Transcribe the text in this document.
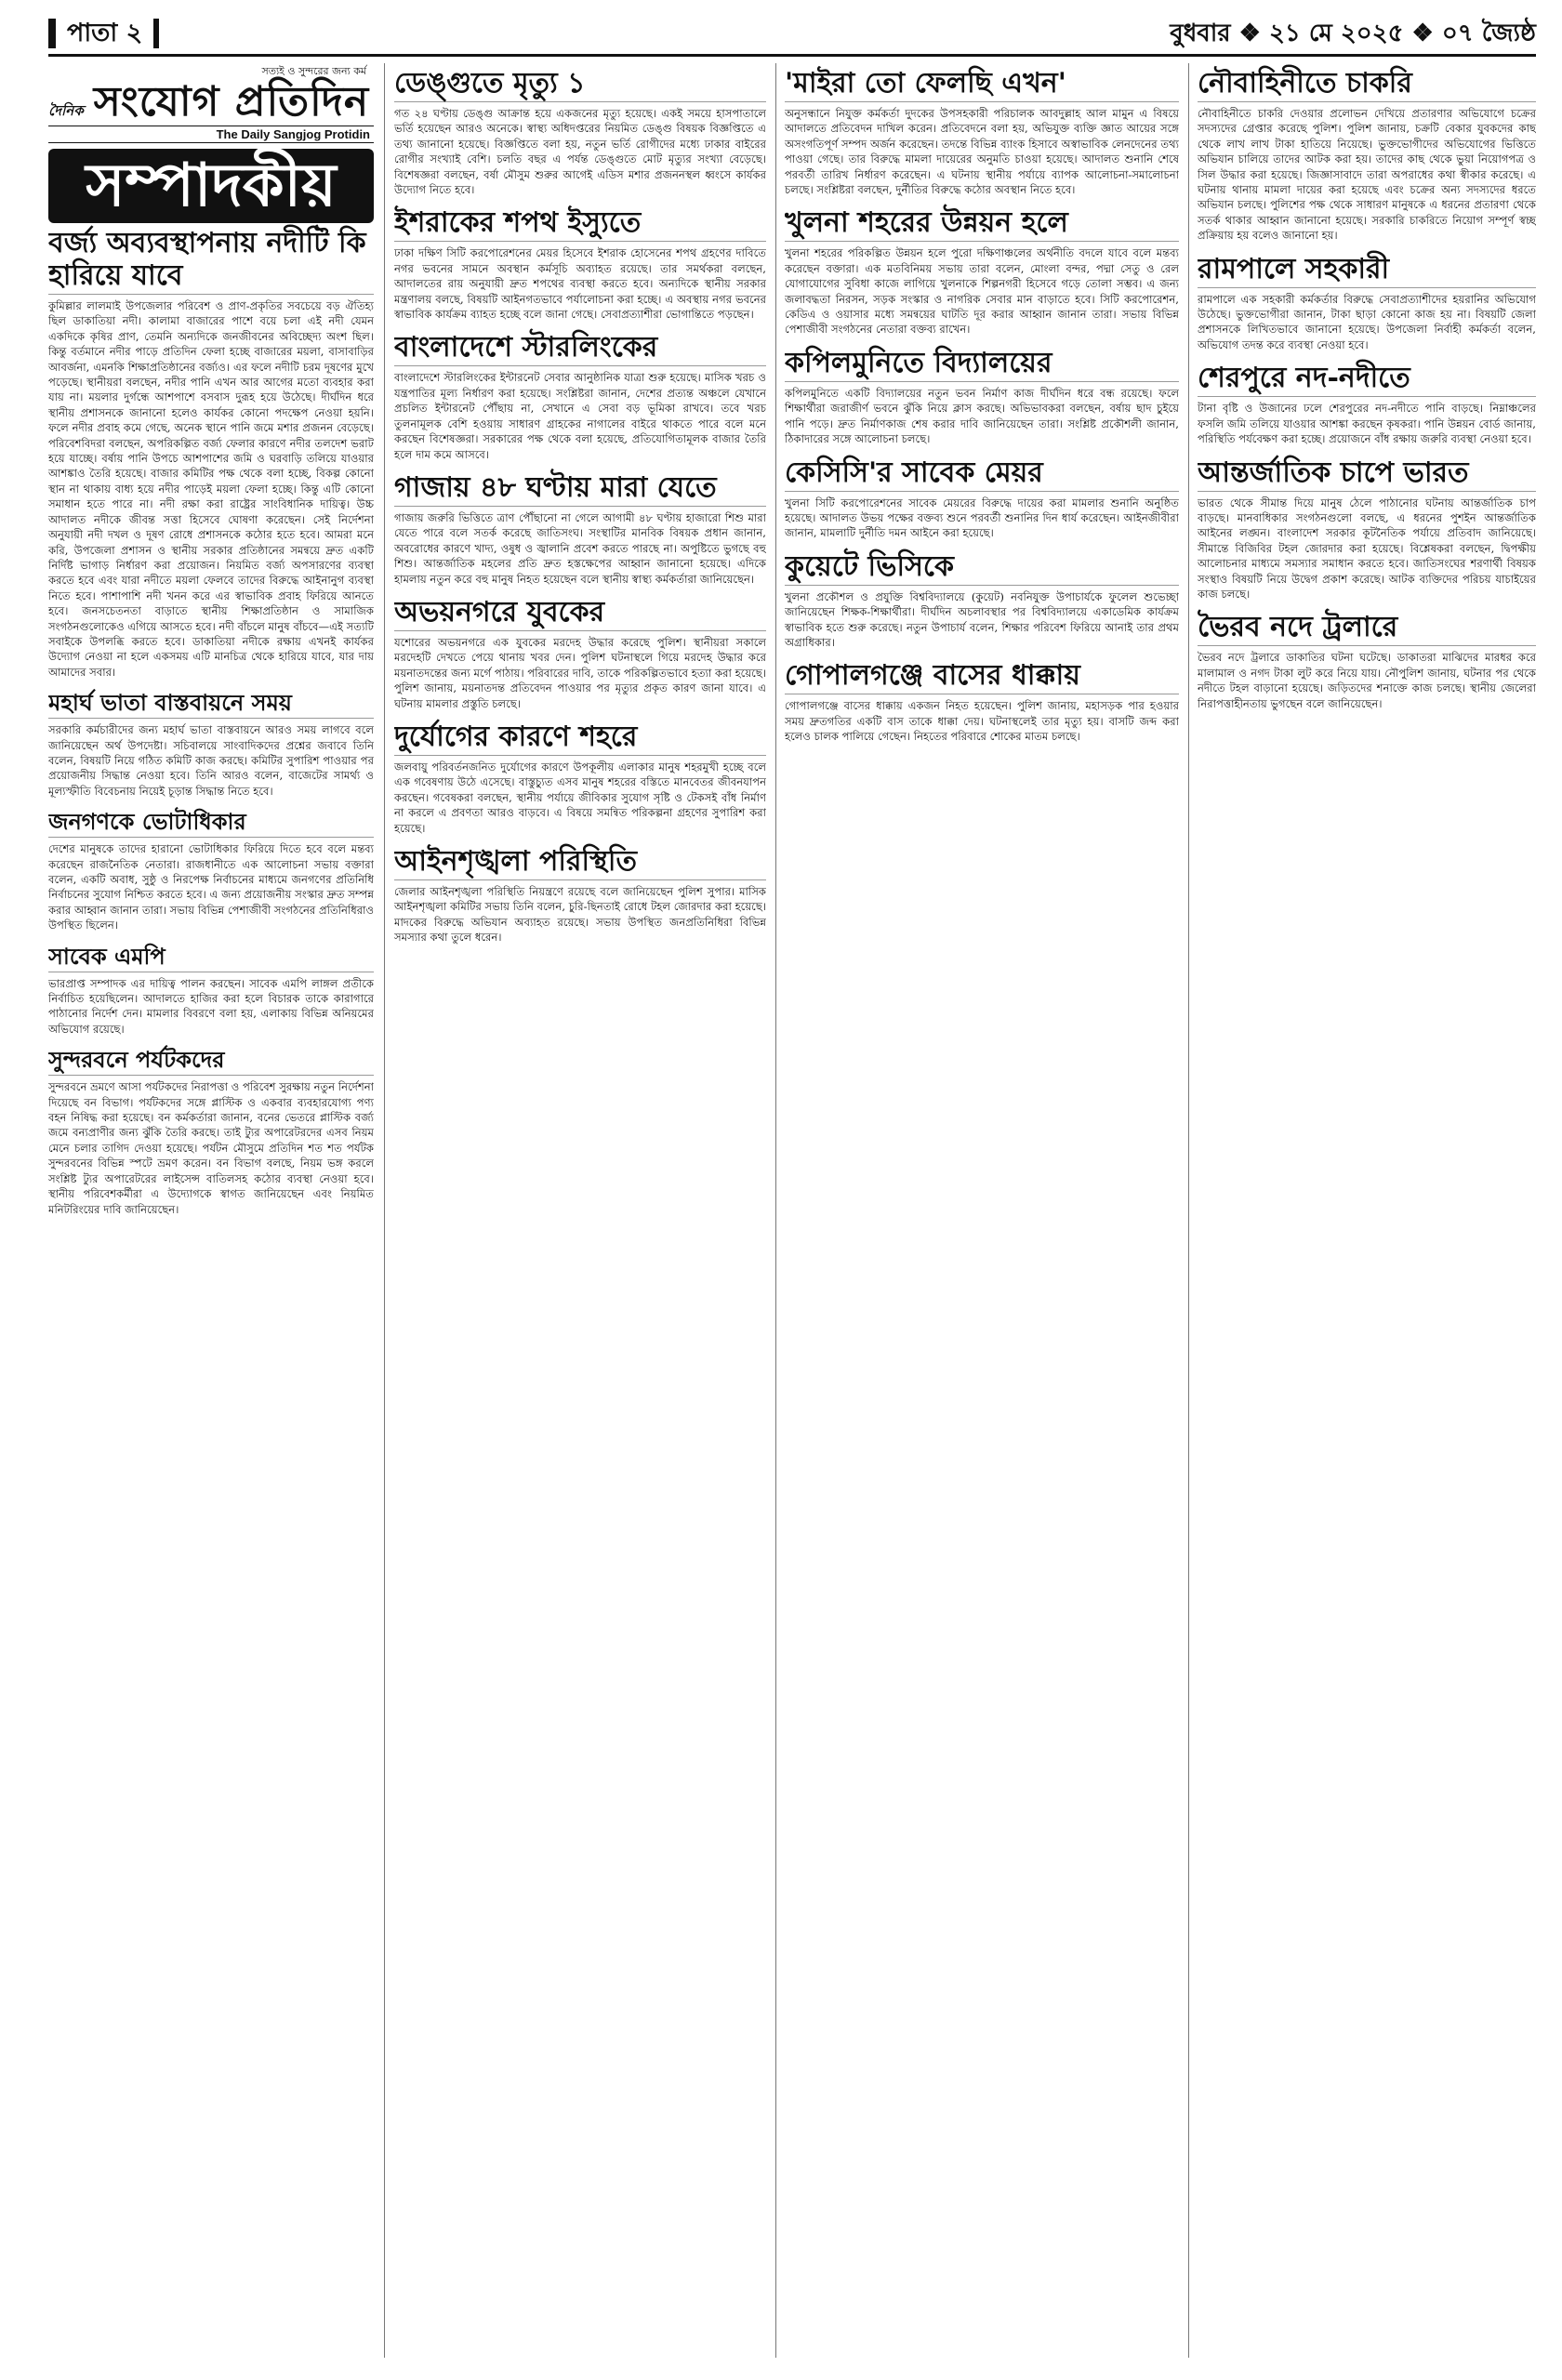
পাতা ২	বুধবার ❖ ২১ মে ২০২৫ ❖ ০৭ জ্যৈষ্ঠ
সত্যই ও সুন্দরের জন্য কর্ম
দৈনিক সংযোগ প্রতিদিন
The Daily Sangjog Protidin
সম্পাদকীয়
বর্জ্য অব্যবস্থাপনায় নদীটি কি হারিয়ে যাবে
কুমিল্লার লালমাই উপজেলার পরিবেশ ও প্রাণ-প্রকৃতির সবচেয়ে বড় ঐতিহ্য ছিল ডাকাতিয়া নদী। কালামা বাজারের পাশে বয়ে চলা এই নদী যেমন একদিকে কৃষির প্রাণ, তেমনি অন্যদিকে জনজীবনের অবিচ্ছেদ্য অংশ ছিল। কিন্তু বর্তমানে নদীর পাড়ে প্রতিদিন ফেলা হচ্ছে বাজারের ময়লা, বাসাবাড়ির আবর্জনা, এমনকি শিক্ষাপ্রতিষ্ঠানের বর্জ্যও। এর ফলে নদীটি চরম দূষণের মুখে পড়েছে। স্থানীয়রা বলছেন, নদীর পানি এখন আর আগের মতো ব্যবহার করা যায় না। ময়লার দুর্গন্ধে আশপাশে বসবাস দুরূহ হয়ে উঠেছে। দীর্ঘদিন ধরে স্থানীয় প্রশাসনকে জানানো হলেও কার্যকর কোনো পদক্ষেপ নেওয়া হয়নি। ফলে নদীর প্রবাহ কমে গেছে, অনেক স্থানে পানি জমে মশার প্রজনন বেড়েছে। পরিবেশবিদরা বলছেন, অপরিকল্পিত বর্জ্য ফেলার কারণে নদীর তলদেশ ভরাট হয়ে যাচ্ছে। বর্ষায় পানি উপচে আশপাশের জমি ও ঘরবাড়ি তলিয়ে যাওয়ার আশঙ্কাও তৈরি হয়েছে। বাজার কমিটির পক্ষ থেকে বলা হচ্ছে, বিকল্প কোনো স্থান না থাকায় বাধ্য হয়ে নদীর পাড়েই ময়লা ফেলা হচ্ছে। কিন্তু এটি কোনো সমাধান হতে পারে না। নদী রক্ষা করা রাষ্ট্রের সাংবিধানিক দায়িত্ব। উচ্চ আদালত নদীকে জীবন্ত সত্তা হিসেবে ঘোষণা করেছেন। সেই নির্দেশনা অনুযায়ী নদী দখল ও দূষণ রোধে প্রশাসনকে কঠোর হতে হবে। আমরা মনে করি, উপজেলা প্রশাসন ও স্থানীয় সরকার প্রতিষ্ঠানের সমন্বয়ে দ্রুত একটি নির্দিষ্ট ভাগাড় নির্ধারণ করা প্রয়োজন। নিয়মিত বর্জ্য অপসারণের ব্যবস্থা করতে হবে এবং যারা নদীতে ময়লা ফেলবে তাদের বিরুদ্ধে আইনানুগ ব্যবস্থা নিতে হবে। পাশাপাশি নদী খনন করে এর স্বাভাবিক প্রবাহ ফিরিয়ে আনতে হবে। জনসচেতনতা বাড়াতে স্থানীয় শিক্ষাপ্রতিষ্ঠান ও সামাজিক সংগঠনগুলোকেও এগিয়ে আসতে হবে। নদী বাঁচলে মানুষ বাঁচবে—এই সত্যটি সবাইকে উপলব্ধি করতে হবে। ডাকাতিয়া নদীকে রক্ষায় এখনই কার্যকর উদ্যোগ নেওয়া না হলে একসময় এটি মানচিত্র থেকে হারিয়ে যাবে, যার দায় আমাদের সবার।
মহার্ঘ ভাতা বাস্তবায়নে সময়
সরকারি কর্মচারীদের জন্য মহার্ঘ ভাতা বাস্তবায়নে আরও সময় লাগবে বলে জানিয়েছেন অর্থ উপদেষ্টা। সচিবালয়ে সাংবাদিকদের প্রশ্নের জবাবে তিনি বলেন, বিষয়টি নিয়ে গঠিত কমিটি কাজ করছে। কমিটির সুপারিশ পাওয়ার পর প্রয়োজনীয় সিদ্ধান্ত নেওয়া হবে। তিনি আরও বলেন, বাজেটের সামর্থ্য ও মূল্যস্ফীতি বিবেচনায় নিয়েই চূড়ান্ত সিদ্ধান্ত নিতে হবে।
জনগণকে ভোটাধিকার
দেশের মানুষকে তাদের হারানো ভোটাধিকার ফিরিয়ে দিতে হবে বলে মন্তব্য করেছেন রাজনৈতিক নেতারা। রাজধানীতে এক আলোচনা সভায় বক্তারা বলেন, একটি অবাধ, সুষ্ঠু ও নিরপেক্ষ নির্বাচনের মাধ্যমে জনগণের প্রতিনিধি নির্বাচনের সুযোগ নিশ্চিত করতে হবে। এ জন্য প্রয়োজনীয় সংস্কার দ্রুত সম্পন্ন করার আহ্বান জানান তারা। সভায় বিভিন্ন পেশাজীবী সংগঠনের প্রতিনিধিরাও উপস্থিত ছিলেন।
সাবেক এমপি
ভারপ্রাপ্ত সম্পাদক এর দায়িত্ব পালন করছেন। সাবেক এমপি লাঙ্গল প্রতীকে নির্বাচিত হয়েছিলেন। আদালতে হাজির করা হলে বিচারক তাকে কারাগারে পাঠানোর নির্দেশ দেন। মামলার বিবরণে বলা হয়, এলাকায় বিভিন্ন অনিয়মের অভিযোগ রয়েছে।
সুন্দরবনে পর্যটকদের
সুন্দরবনে ভ্রমণে আসা পর্যটকদের নিরাপত্তা ও পরিবেশ সুরক্ষায় নতুন নির্দেশনা দিয়েছে বন বিভাগ। পর্যটকদের সঙ্গে প্লাস্টিক ও একবার ব্যবহারযোগ্য পণ্য বহন নিষিদ্ধ করা হয়েছে। বন কর্মকর্তারা জানান, বনের ভেতরে প্লাস্টিক বর্জ্য জমে বন্যপ্রাণীর জন্য ঝুঁকি তৈরি করছে। তাই ট্যুর অপারেটরদের এসব নিয়ম মেনে চলার তাগিদ দেওয়া হয়েছে। পর্যটন মৌসুমে প্রতিদিন শত শত পর্যটক সুন্দরবনের বিভিন্ন স্পটে ভ্রমণ করেন। বন বিভাগ বলছে, নিয়ম ভঙ্গ করলে সংশ্লিষ্ট ট্যুর অপারেটরের লাইসেন্স বাতিলসহ কঠোর ব্যবস্থা নেওয়া হবে। স্থানীয় পরিবেশকর্মীরা এ উদ্যোগকে স্বাগত জানিয়েছেন এবং নিয়মিত মনিটরিংয়ের দাবি জানিয়েছেন।
ডেঙ্গুতে মৃত্যু ১
গত ২৪ ঘণ্টায় ডেঙ্গু আক্রান্ত হয়ে একজনের মৃত্যু হয়েছে। একই সময়ে হাসপাতালে ভর্তি হয়েছেন আরও অনেকে। স্বাস্থ্য অধিদপ্তরের নিয়মিত ডেঙ্গু বিষয়ক বিজ্ঞপ্তিতে এ তথ্য জানানো হয়েছে। বিজ্ঞপ্তিতে বলা হয়, নতুন ভর্তি রোগীদের মধ্যে ঢাকার বাইরের রোগীর সংখ্যাই বেশি। চলতি বছর এ পর্যন্ত ডেঙ্গুতে মোট মৃত্যুর সংখ্যা বেড়েছে। বিশেষজ্ঞরা বলছেন, বর্ষা মৌসুম শুরুর আগেই এডিস মশার প্রজননস্থল ধ্বংসে কার্যকর উদ্যোগ নিতে হবে।
ইশরাকের শপথ ইস্যুতে
ঢাকা দক্ষিণ সিটি করপোরেশনের মেয়র হিসেবে ইশরাক হোসেনের শপথ গ্রহণের দাবিতে নগর ভবনের সামনে অবস্থান কর্মসূচি অব্যাহত রয়েছে। তার সমর্থকরা বলছেন, আদালতের রায় অনুযায়ী দ্রুত শপথের ব্যবস্থা করতে হবে। অন্যদিকে স্থানীয় সরকার মন্ত্রণালয় বলছে, বিষয়টি আইনগতভাবে পর্যালোচনা করা হচ্ছে। এ অবস্থায় নগর ভবনের স্বাভাবিক কার্যক্রম ব্যাহত হচ্ছে বলে জানা গেছে। সেবাপ্রত্যাশীরা ভোগান্তিতে পড়ছেন।
বাংলাদেশে স্টারলিংকের
বাংলাদেশে স্টারলিংকের ইন্টারনেট সেবার আনুষ্ঠানিক যাত্রা শুরু হয়েছে। মাসিক খরচ ও যন্ত্রপাতির মূল্য নির্ধারণ করা হয়েছে। সংশ্লিষ্টরা জানান, দেশের প্রত্যন্ত অঞ্চলে যেখানে প্রচলিত ইন্টারনেট পৌঁছায় না, সেখানে এ সেবা বড় ভূমিকা রাখবে। তবে খরচ তুলনামূলক বেশি হওয়ায় সাধারণ গ্রাহকের নাগালের বাইরে থাকতে পারে বলে মনে করছেন বিশেষজ্ঞরা। সরকারের পক্ষ থেকে বলা হয়েছে, প্রতিযোগিতামূলক বাজার তৈরি হলে দাম কমে আসবে।
গাজায় ৪৮ ঘণ্টায় মারা যেতে
গাজায় জরুরি ভিত্তিতে ত্রাণ পৌঁছানো না গেলে আগামী ৪৮ ঘণ্টায় হাজারো শিশু মারা যেতে পারে বলে সতর্ক করেছে জাতিসংঘ। সংস্থাটির মানবিক বিষয়ক প্রধান জানান, অবরোধের কারণে খাদ্য, ওষুধ ও জ্বালানি প্রবেশ করতে পারছে না। অপুষ্টিতে ভুগছে বহু শিশু। আন্তর্জাতিক মহলের প্রতি দ্রুত হস্তক্ষেপের আহ্বান জানানো হয়েছে। এদিকে হামলায় নতুন করে বহু মানুষ নিহত হয়েছেন বলে স্থানীয় স্বাস্থ্য কর্মকর্তারা জানিয়েছেন।
অভয়নগরে যুবকের
যশোরের অভয়নগরে এক যুবকের মরদেহ উদ্ধার করেছে পুলিশ। স্থানীয়রা সকালে মরদেহটি দেখতে পেয়ে থানায় খবর দেন। পুলিশ ঘটনাস্থলে গিয়ে মরদেহ উদ্ধার করে ময়নাতদন্তের জন্য মর্গে পাঠায়। পরিবারের দাবি, তাকে পরিকল্পিতভাবে হত্যা করা হয়েছে। পুলিশ জানায়, ময়নাতদন্ত প্রতিবেদন পাওয়ার পর মৃত্যুর প্রকৃত কারণ জানা যাবে। এ ঘটনায় মামলার প্রস্তুতি চলছে।
দুর্যোগের কারণে শহরে
জলবায়ু পরিবর্তনজনিত দুর্যোগের কারণে উপকূলীয় এলাকার মানুষ শহরমুখী হচ্ছে বলে এক গবেষণায় উঠে এসেছে। বাস্তুচ্যুত এসব মানুষ শহরের বস্তিতে মানবেতর জীবনযাপন করছেন। গবেষকরা বলছেন, স্থানীয় পর্যায়ে জীবিকার সুযোগ সৃষ্টি ও টেকসই বাঁধ নির্মাণ না করলে এ প্রবণতা আরও বাড়বে। এ বিষয়ে সমন্বিত পরিকল্পনা গ্রহণের সুপারিশ করা হয়েছে।
আইনশৃঙ্খলা পরিস্থিতি
জেলার আইনশৃঙ্খলা পরিস্থিতি নিয়ন্ত্রণে রয়েছে বলে জানিয়েছেন পুলিশ সুপার। মাসিক আইনশৃঙ্খলা কমিটির সভায় তিনি বলেন, চুরি-ছিনতাই রোধে টহল জোরদার করা হয়েছে। মাদকের বিরুদ্ধে অভিযান অব্যাহত রয়েছে। সভায় উপস্থিত জনপ্রতিনিধিরা বিভিন্ন সমস্যার কথা তুলে ধরেন।
'মাইরা তো ফেলছি এখন'
অনুসন্ধানে নিযুক্ত কর্মকর্তা দুদকের উপসহকারী পরিচালক আবদুল্লাহ আল মামুন এ বিষয়ে আদালতে প্রতিবেদন দাখিল করেন। প্রতিবেদনে বলা হয়, অভিযুক্ত ব্যক্তি জ্ঞাত আয়ের সঙ্গে অসংগতিপূর্ণ সম্পদ অর্জন করেছেন। তদন্তে বিভিন্ন ব্যাংক হিসাবে অস্বাভাবিক লেনদেনের তথ্য পাওয়া গেছে। তার বিরুদ্ধে মামলা দায়েরের অনুমতি চাওয়া হয়েছে। আদালত শুনানি শেষে পরবর্তী তারিখ নির্ধারণ করেছেন। এ ঘটনায় স্থানীয় পর্যায়ে ব্যাপক আলোচনা-সমালোচনা চলছে। সংশ্লিষ্টরা বলছেন, দুর্নীতির বিরুদ্ধে কঠোর অবস্থান নিতে হবে।
খুলনা শহরের উন্নয়ন হলে
খুলনা শহরের পরিকল্পিত উন্নয়ন হলে পুরো দক্ষিণাঞ্চলের অর্থনীতি বদলে যাবে বলে মন্তব্য করেছেন বক্তারা। এক মতবিনিময় সভায় তারা বলেন, মোংলা বন্দর, পদ্মা সেতু ও রেল যোগাযোগের সুবিধা কাজে লাগিয়ে খুলনাকে শিল্পনগরী হিসেবে গড়ে তোলা সম্ভব। এ জন্য জলাবদ্ধতা নিরসন, সড়ক সংস্কার ও নাগরিক সেবার মান বাড়াতে হবে। সিটি করপোরেশন, কেডিএ ও ওয়াসার মধ্যে সমন্বয়ের ঘাটতি দূর করার আহ্বান জানান তারা। সভায় বিভিন্ন পেশাজীবী সংগঠনের নেতারা বক্তব্য রাখেন।
কপিলমুনিতে বিদ্যালয়ের
কপিলমুনিতে একটি বিদ্যালয়ের নতুন ভবন নির্মাণ কাজ দীর্ঘদিন ধরে বন্ধ রয়েছে। ফলে শিক্ষার্থীরা জরাজীর্ণ ভবনে ঝুঁকি নিয়ে ক্লাস করছে। অভিভাবকরা বলছেন, বর্ষায় ছাদ চুইয়ে পানি পড়ে। দ্রুত নির্মাণকাজ শেষ করার দাবি জানিয়েছেন তারা। সংশ্লিষ্ট প্রকৌশলী জানান, ঠিকাদারের সঙ্গে আলোচনা চলছে।
কেসিসি'র সাবেক মেয়র
খুলনা সিটি করপোরেশনের সাবেক মেয়রের বিরুদ্ধে দায়ের করা মামলার শুনানি অনুষ্ঠিত হয়েছে। আদালত উভয় পক্ষের বক্তব্য শুনে পরবর্তী শুনানির দিন ধার্য করেছেন। আইনজীবীরা জানান, মামলাটি দুর্নীতি দমন আইনে করা হয়েছে।
কুয়েটে ভিসিকে
খুলনা প্রকৌশল ও প্রযুক্তি বিশ্ববিদ্যালয়ে (কুয়েট) নবনিযুক্ত উপাচার্যকে ফুলেল শুভেচ্ছা জানিয়েছেন শিক্ষক-শিক্ষার্থীরা। দীর্ঘদিন অচলাবস্থার পর বিশ্ববিদ্যালয়ে একাডেমিক কার্যক্রম স্বাভাবিক হতে শুরু করেছে। নতুন উপাচার্য বলেন, শিক্ষার পরিবেশ ফিরিয়ে আনাই তার প্রথম অগ্রাধিকার।
গোপালগঞ্জে বাসের ধাক্কায়
গোপালগঞ্জে বাসের ধাক্কায় একজন নিহত হয়েছেন। পুলিশ জানায়, মহাসড়ক পার হওয়ার সময় দ্রুতগতির একটি বাস তাকে ধাক্কা দেয়। ঘটনাস্থলেই তার মৃত্যু হয়। বাসটি জব্দ করা হলেও চালক পালিয়ে গেছেন। নিহতের পরিবারে শোকের মাতম চলছে।
নৌবাহিনীতে চাকরি
নৌবাহিনীতে চাকরি দেওয়ার প্রলোভন দেখিয়ে প্রতারণার অভিযোগে চক্রের সদস্যদের গ্রেপ্তার করেছে পুলিশ। পুলিশ জানায়, চক্রটি বেকার যুবকদের কাছ থেকে লাখ লাখ টাকা হাতিয়ে নিয়েছে। ভুক্তভোগীদের অভিযোগের ভিত্তিতে অভিযান চালিয়ে তাদের আটক করা হয়। তাদের কাছ থেকে ভুয়া নিয়োগপত্র ও সিল উদ্ধার করা হয়েছে। জিজ্ঞাসাবাদে তারা অপরাধের কথা স্বীকার করেছে। এ ঘটনায় থানায় মামলা দায়ের করা হয়েছে এবং চক্রের অন্য সদস্যদের ধরতে অভিযান চলছে। পুলিশের পক্ষ থেকে সাধারণ মানুষকে এ ধরনের প্রতারণা থেকে সতর্ক থাকার আহ্বান জানানো হয়েছে। সরকারি চাকরিতে নিয়োগ সম্পূর্ণ স্বচ্ছ প্রক্রিয়ায় হয় বলেও জানানো হয়।
রামপালে সহকারী
রামপালে এক সহকারী কর্মকর্তার বিরুদ্ধে সেবাপ্রত্যাশীদের হয়রানির অভিযোগ উঠেছে। ভুক্তভোগীরা জানান, টাকা ছাড়া কোনো কাজ হয় না। বিষয়টি জেলা প্রশাসনকে লিখিতভাবে জানানো হয়েছে। উপজেলা নির্বাহী কর্মকর্তা বলেন, অভিযোগ তদন্ত করে ব্যবস্থা নেওয়া হবে।
শেরপুরে নদ-নদীতে
টানা বৃষ্টি ও উজানের ঢলে শেরপুরের নদ-নদীতে পানি বাড়ছে। নিম্নাঞ্চলের ফসলি জমি তলিয়ে যাওয়ার আশঙ্কা করছেন কৃষকরা। পানি উন্নয়ন বোর্ড জানায়, পরিস্থিতি পর্যবেক্ষণ করা হচ্ছে। প্রয়োজনে বাঁধ রক্ষায় জরুরি ব্যবস্থা নেওয়া হবে।
আন্তর্জাতিক চাপে ভারত
ভারত থেকে সীমান্ত দিয়ে মানুষ ঠেলে পাঠানোর ঘটনায় আন্তর্জাতিক চাপ বাড়ছে। মানবাধিকার সংগঠনগুলো বলছে, এ ধরনের পুশইন আন্তর্জাতিক আইনের লঙ্ঘন। বাংলাদেশ সরকার কূটনৈতিক পর্যায়ে প্রতিবাদ জানিয়েছে। সীমান্তে বিজিবির টহল জোরদার করা হয়েছে। বিশ্লেষকরা বলছেন, দ্বিপক্ষীয় আলোচনার মাধ্যমে সমস্যার সমাধান করতে হবে। জাতিসংঘের শরণার্থী বিষয়ক সংস্থাও বিষয়টি নিয়ে উদ্বেগ প্রকাশ করেছে। আটক ব্যক্তিদের পরিচয় যাচাইয়ের কাজ চলছে।
ভৈরব নদে ট্রলারে
ভৈরব নদে ট্রলারে ডাকাতির ঘটনা ঘটেছে। ডাকাতরা মাঝিদের মারধর করে মালামাল ও নগদ টাকা লুট করে নিয়ে যায়। নৌপুলিশ জানায়, ঘটনার পর থেকে নদীতে টহল বাড়ানো হয়েছে। জড়িতদের শনাক্তে কাজ চলছে। স্থানীয় জেলেরা নিরাপত্তাহীনতায় ভুগছেন বলে জানিয়েছেন।
